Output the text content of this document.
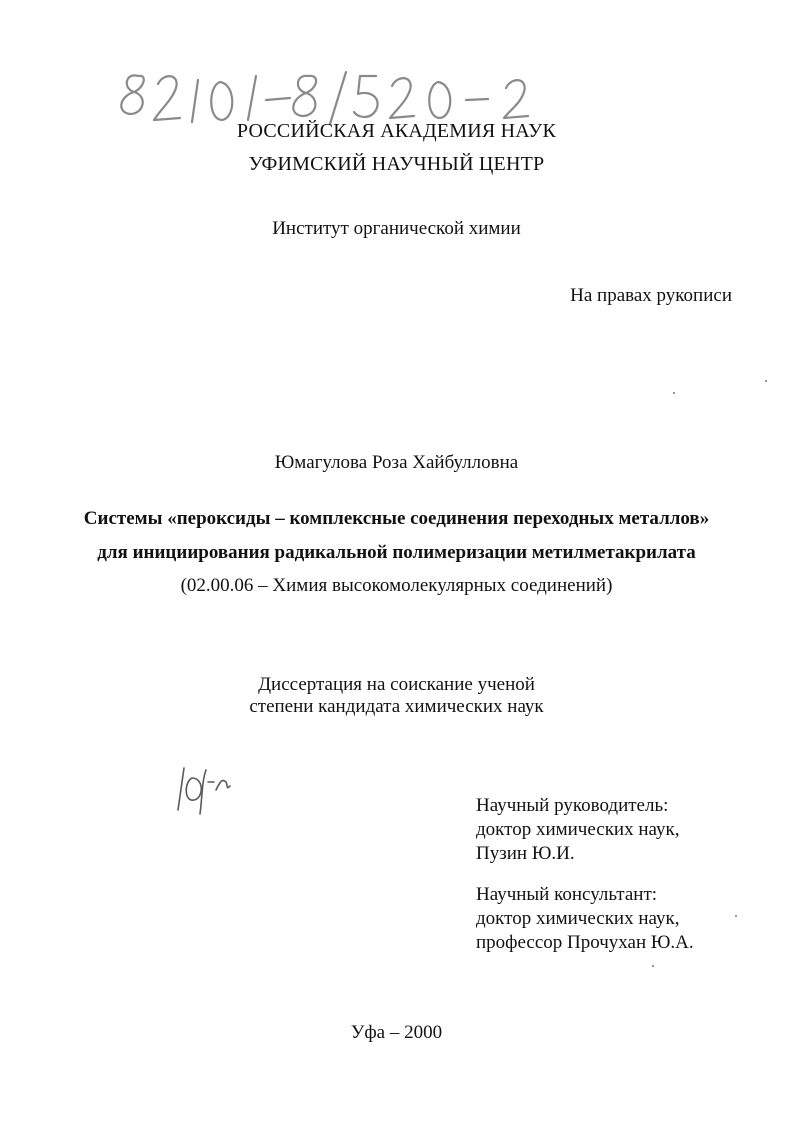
РОССИЙСКАЯ АКАДЕМИЯ НАУК
УФИМСКИЙ НАУЧНЫЙ ЦЕНТР
Институт органической химии
На правах рукописи
Юмагулова Роза Хайбулловна
Системы «пероксиды – комплексные соединения переходных металлов»
для инициирования радикальной полимеризации метилметакрилата
(02.00.06 – Химия высокомолекулярных соединений)
Диссертация на соискание ученой
степени кандидата химических наук
Научный руководитель:
доктор химических наук,
Пузин Ю.И.
Научный консультант:
доктор химических наук,
профессор Прочухан Ю.А.
Уфа – 2000
